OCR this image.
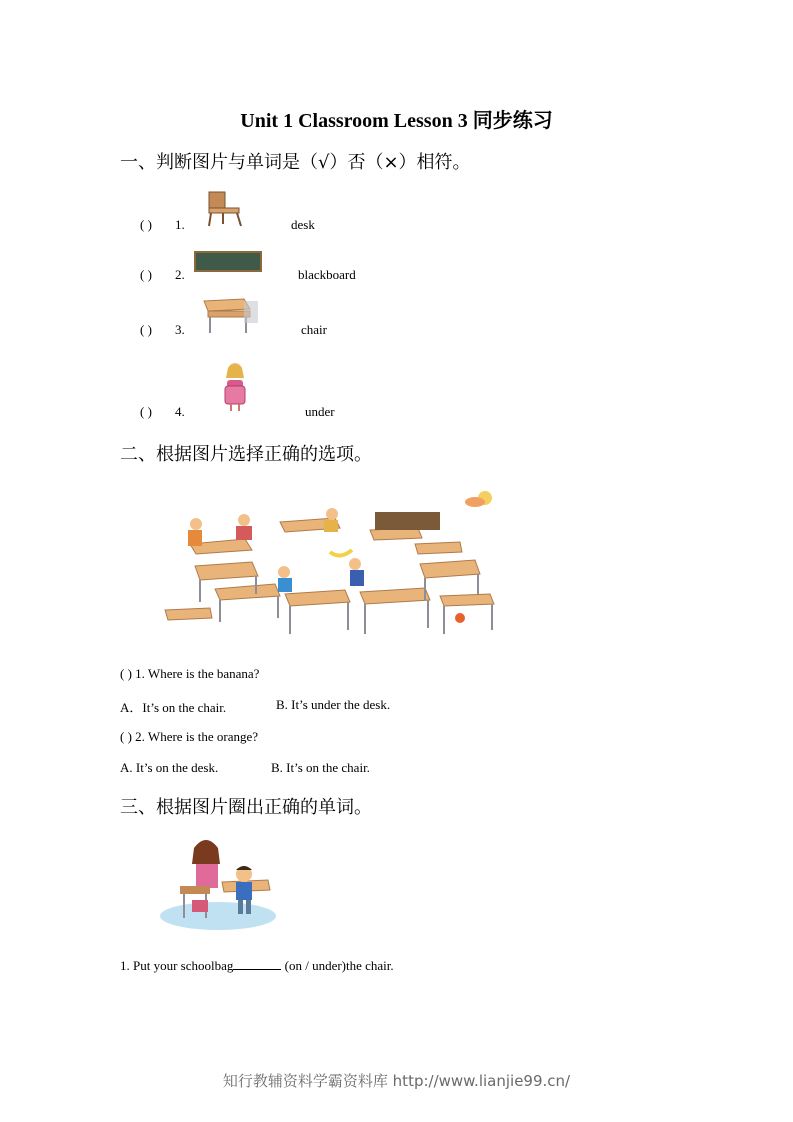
Unit 1 Classroom Lesson 3 同步练习
一、判断图片与单词是（√）否（×）相符。
( ) 1.	desk
( ) 2.	blackboard
( ) 3.	chair
( ) 4.	under
二、根据图片选择正确的选项。
( ) 1. Where is the banana?
A．It’s on the chair.	B. It’s under the desk.
( ) 2. Where is the orange?
A. It’s on the desk.	B. It’s on the chair.
三、根据图片圈出正确的单词。
1. Put your schoolbag	(on / under)the chair.
知行教辅资料学霸资料库 http://www.lianjie99.cn/
